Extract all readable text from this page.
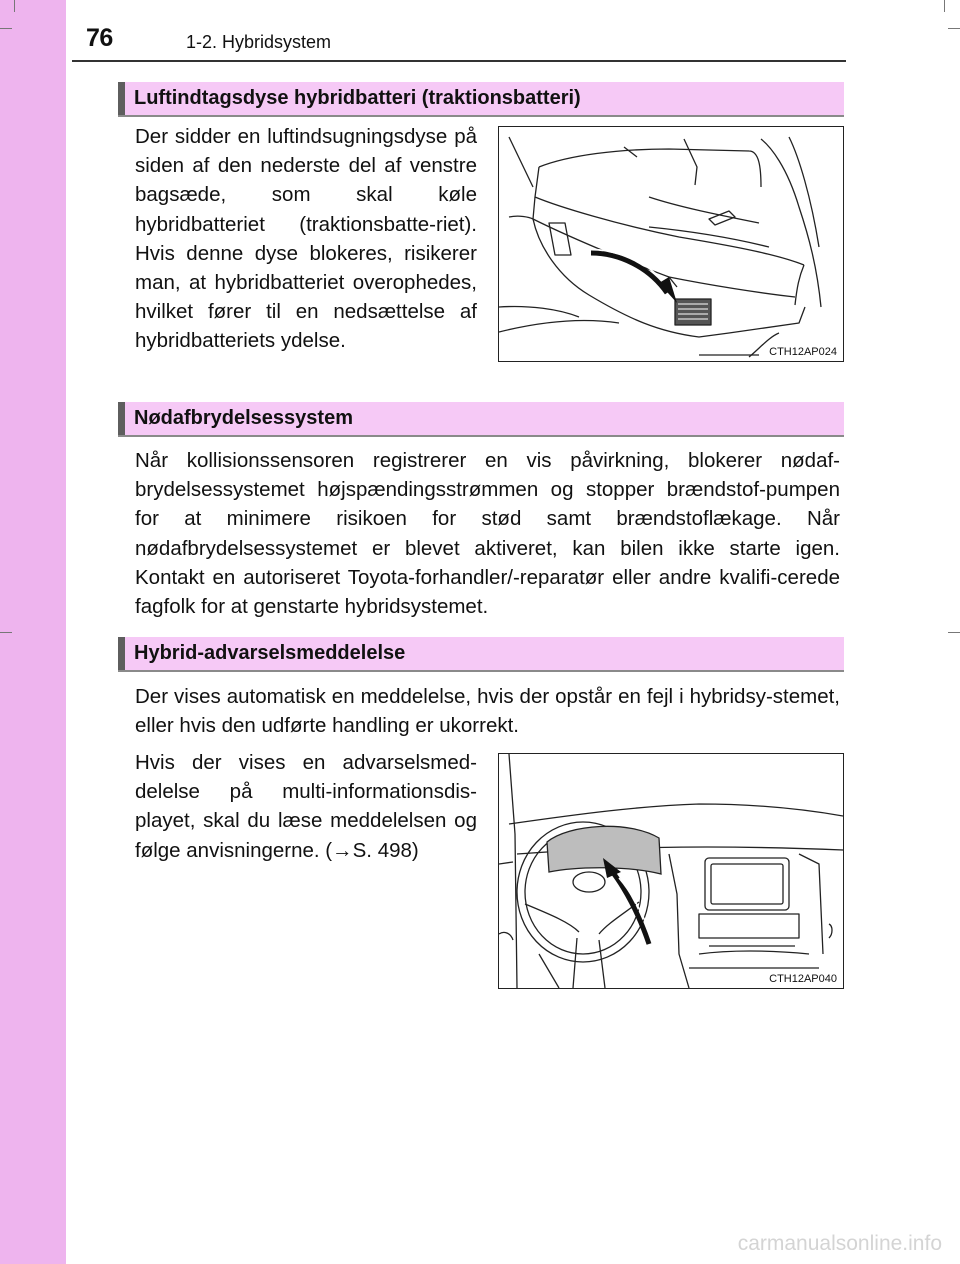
76	1-2. Hybridsystem
Luftindtagsdyse hybridbatteri (traktionsbatteri)

Der sidder en luftindsugningsdyse på siden af den nederste del af venstre bagsæde, som skal køle hybridbatteriet (traktionsbatte-riet). Hvis denne dyse blokeres, risikerer man, at hybridbatteriet overophedes, hvilket fører til en nedsættelse af hybridbatteriets ydelse.	CTH12AP024
Nødafbrydelsessystem

Når kollisionssensoren registrerer en vis påvirkning, blokerer nødaf-brydelsessystemet højspændingsstrømmen og stopper brændstof-pumpen for at minimere risikoen for stød samt brændstoflækage. Når nødafbrydelsessystemet er blevet aktiveret, kan bilen ikke starte igen. Kontakt en autoriseret Toyota-forhandler/-reparatør eller andre kvalifi-cerede fagfolk for at genstarte hybridsystemet.

Hybrid-advarselsmeddelelse

Der vises automatisk en meddelelse, hvis der opstår en fejl i hybridsy-stemet, eller hvis den udførte handling er ukorrekt.

Hvis der vises en advarselsmed-delelse på multi-informationsdis-playet, skal du læse meddelelsen og følge anvisningerne. (→S. 498)

CTH12AP040
carmanualsonline.info
